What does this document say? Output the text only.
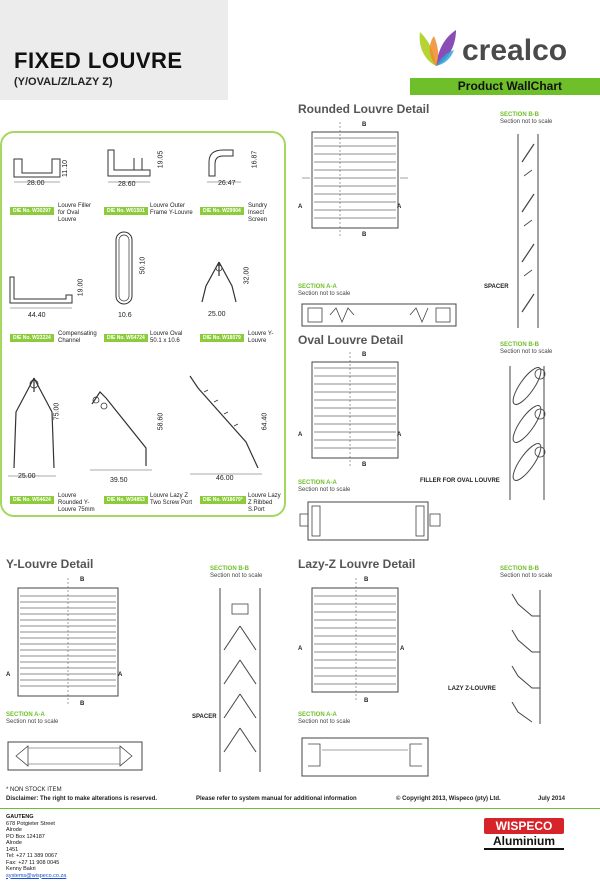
FIXED LOUVRE
(Y/OVAL/Z/LAZY Z)
crealco
Product WallChart
28.00
11.10
28.60
19.05
26.47
16.87
DIE No. W30297
Louvre Filler for Oval Louvre
DIE No. W01501
Louvre Outer Frame Y-Louvre	DIE No. W29904
Sundry Insect Screen
44.40
19.00
10.6
50.10
25.00
32.00
DIE No. W23224
Compensating Channel	DIE No. W54724
Louvre Oval 50.1 x 10.6	DIE No. W18079
Louvre Y-Louvre
25.00
75.00
39.50
58.60
46.00
64.40
DIE No. W54624
Louvre Rounded Y-Louvre 75mm
DIE No. W34853
Louvre Lazy Z Two Screw Port	DIE No. W18679*
Louvre Lazy Z Ribbed S.Port
Rounded Louvre Detail
B
B
A	A
SECTION A-A
Section not to scale
SECTION B-B
Section not to scale
SPACER
Oval Louvre Detail
B
B
A	A
SECTION A-A
Section not to scale
SECTION B-B
Section not to scale
FILLER FOR OVAL LOUVRE
Y-Louvre Detail
B
B
A	A
SECTION A-A
Section not to scale
SECTION B-B
Section not to scale
SPACER
Lazy-Z Louvre Detail
B
B
A	A
SECTION A-A
Section not to scale
SECTION B-B
Section not to scale
LAZY Z-LOUVRE
* NON STOCK ITEM
Disclaimer: The right to make alterations is reserved.	Please refer to system manual for additional information	© Copyright 2013, Wispeco (pty) Ltd.	July 2014
GAUTENG
678 Potgieter Street
Alrode
PO Box 124187
Alrode
1451
Tel: +27 11 389 0067
Fax: +27 11 908 0045
Kenny Bakri
systems@wispeco.co.za
WISPECO
Aluminium
